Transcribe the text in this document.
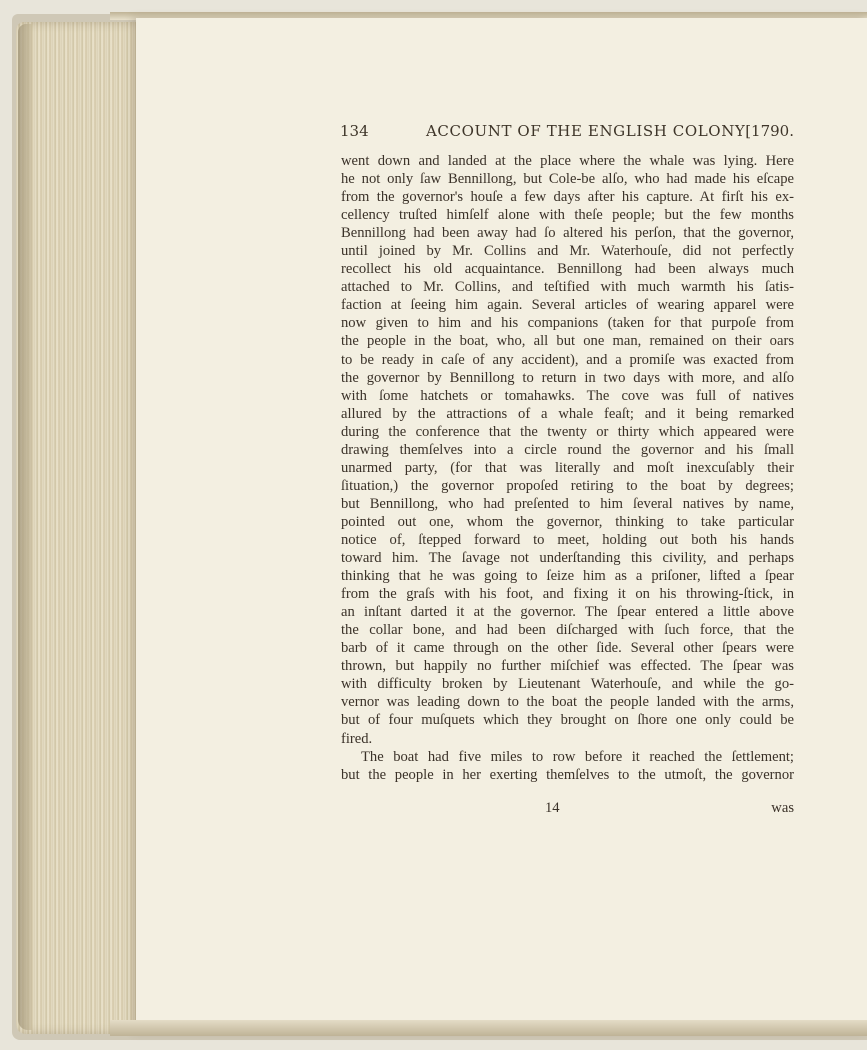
134	ACCOUNT OF THE ENGLISH COLONY [1790.
went down and landed at the place where the whale was lying. Here
he not only ſaw Bennillong, but Cole-be alſo, who had made his eſcape
from the governor's houſe a few days after his capture. At firſt his ex-
cellency truſted himſelf alone with theſe people; but the few months
Bennillong had been away had ſo altered his perſon, that the governor,
until joined by Mr. Collins and Mr. Waterhouſe, did not perfectly
recollect his old acquaintance. Bennillong had been always much
attached to Mr. Collins, and teſtified with much warmth his ſatis-
faction at ſeeing him again. Several articles of wearing apparel were
now given to him and his companions (taken for that purpoſe from
the people in the boat, who, all but one man, remained on their oars
to be ready in caſe of any accident), and a promiſe was exacted from
the governor by Bennillong to return in two days with more, and alſo
with ſome hatchets or tomahawks. The cove was full of natives
allured by the attractions of a whale feaſt; and it being remarked
during the conference that the twenty or thirty which appeared were
drawing themſelves into a circle round the governor and his ſmall
unarmed party, (for that was literally and moſt inexcuſably their
ſituation,) the governor propoſed retiring to the boat by degrees;
but Bennillong, who had preſented to him ſeveral natives by name,
pointed out one, whom the governor, thinking to take particular
notice of, ſtepped forward to meet, holding out both his hands
toward him. The ſavage not underſtanding this civility, and perhaps
thinking that he was going to ſeize him as a priſoner, lifted a ſpear
from the graſs with his foot, and fixing it on his throwing-ſtick, in
an inſtant darted it at the governor. The ſpear entered a little above
the collar bone, and had been diſcharged with ſuch force, that the
barb of it came through on the other ſide. Several other ſpears were
thrown, but happily no further miſchief was effected. The ſpear was
with difficulty broken by Lieutenant Waterhouſe, and while the go-
vernor was leading down to the boat the people landed with the arms,
but of four muſquets which they brought on ſhore one only could be
fired.
The boat had five miles to row before it reached the ſettlement;
but the people in her exerting themſelves to the utmoſt, the governor
14	was
